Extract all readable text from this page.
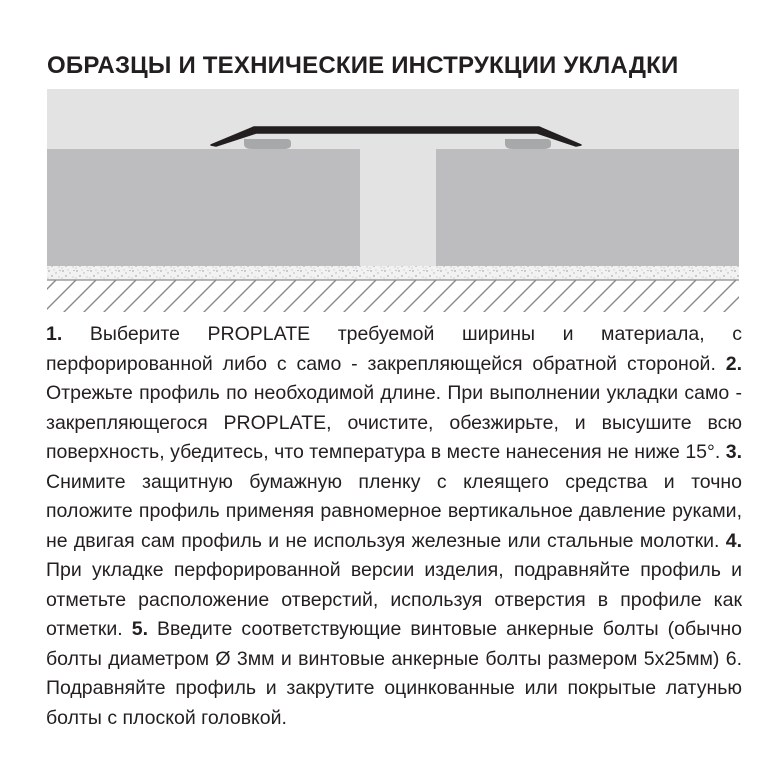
ОБРАЗЦЫ И ТЕХНИЧЕСКИЕ ИНСТРУКЦИИ УКЛАДКИ

1. Выберите PROPLATE требуемой ширины и материала, с перфорированной либо с само - закрепляющейся обратной стороной. 2. Отрежьте профиль по необходимой длине. При выполнении укладки само - закрепляющегося PROPLATE, очистите, обезжирьте, и высушите всю поверхность, убедитесь, что температура в месте нанесения не ниже 15°. 3. Снимите защитную бумажную пленку с клеящего средства и точно положите профиль применяя равномерное вертикальное давление руками, не двигая сам профиль и не используя железные или стальные молотки. 4. При укладке перфорированной версии изделия, подравняйте профиль и отметьте расположение отверстий, используя отверстия в профиле как отметки. 5. Введите соответствующие винтовые анкерные болты (обычно болты диаметром Ø 3мм и винтовые анкерные болты размером 5x25мм) 6. Подравняйте профиль и закрутите оцинкованные или покрытые латунью болты с плоской головкой.
